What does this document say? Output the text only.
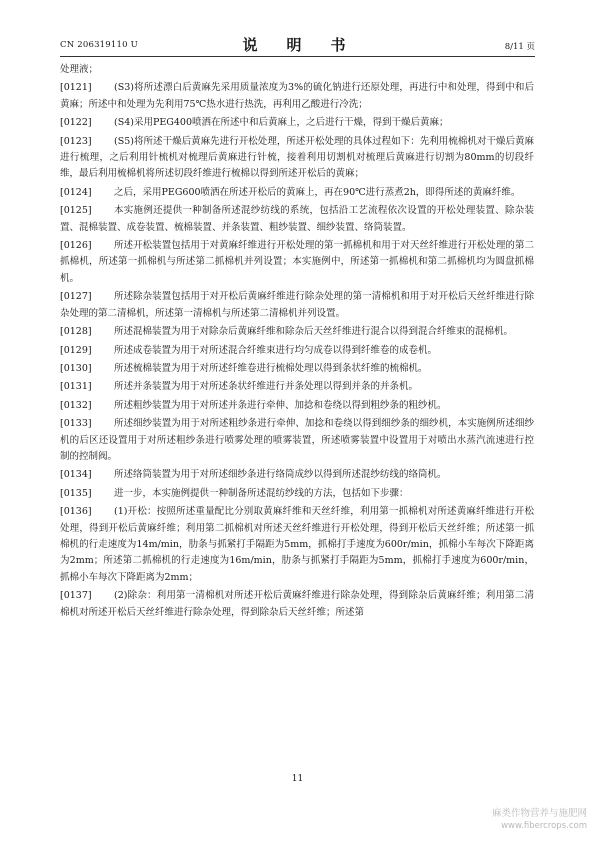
CN 206319110 U	说　明　书	8/11 页

处理液；

[0121]	(S3)将所述漂白后黄麻先采用质量浓度为3%的硫化钠进行还原处理，再进行中和处理，得到中和后黄麻；所述中和处理为先利用75℃热水进行热洗，再利用乙酸进行冷洗；
[0122]	(S4)采用PEG400喷洒在所述中和后黄麻上，之后进行干燥，得到干燥后黄麻；
[0123]	(S5)将所述干燥后黄麻先进行开松处理，所述开松处理的具体过程如下：先利用梳棉机对干燥后黄麻进行梳理，之后利用针梳机对梳理后黄麻进行针梳，接着利用切割机对梳理后黄麻进行切割为80mm的切段纤维，最后利用梳棉机将所述切段纤维进行梳棉以得到所述开松后的黄麻；
[0124]	之后，采用PEG600喷洒在所述开松后的黄麻上，再在90℃进行蒸煮2h，即得所述的黄麻纤维。
[0125]	本实施例还提供一种制备所述混纱纺线的系统，包括沿工艺流程依次设置的开松处理装置、除杂装置、混棉装置、成卷装置、梳棉装置、并条装置、粗纱装置、细纱装置、络筒装置。
[0126]	所述开松装置包括用于对黄麻纤维进行开松处理的第一抓棉机和用于对天丝纤维进行开松处理的第二抓棉机，所述第一抓棉机与所述第二抓棉机并列设置；本实施例中，所述第一抓棉机和第二抓棉机均为圆盘抓棉机。
[0127]	所述除杂装置包括用于对开松后黄麻纤维进行除杂处理的第一清棉机和用于对开松后天丝纤维进行除杂处理的第二清棉机，所述第一清棉机与所述第二清棉机并列设置。
[0128]	所述混棉装置为用于对除杂后黄麻纤维和除杂后天丝纤维进行混合以得到混合纤维束的混棉机。
[0129]	所述成卷装置为用于对所述混合纤维束进行均匀成卷以得到纤维卷的成卷机。
[0130]	所述梳棉装置为用于对所述纤维卷进行梳棉处理以得到条状纤维的梳棉机。
[0131]	所述并条装置为用于对所述条状纤维进行并条处理以得到并条的并条机。
[0132]	所述粗纱装置为用于对所述并条进行牵伸、加捻和卷绕以得到粗纱条的粗纱机。
[0133]	所述细纱装置为用于对所述粗纱条进行牵伸、加捻和卷绕以得到细纱条的细纱机，本实施例所述细纱机的后区还设置用于对所述粗纱条进行喷雾处理的喷雾装置，所述喷雾装置中设置用于对喷出水蒸汽流速进行控制的控制阀。
[0134]	所述络筒装置为用于对所述细纱条进行络筒成纱以得到所述混纱纺线的络筒机。
[0135]	进一步，本实施例提供一种制备所述混纺纱线的方法，包括如下步骤：
[0136]	(1)开松：按照所述重量配比分别取黄麻纤维和天丝纤维，利用第一抓棉机对所述黄麻纤维进行开松处理，得到开松后黄麻纤维；利用第二抓棉机对所述天丝纤维进行开松处理，得到开松后天丝纤维；所述第一抓棉机的行走速度为14m/min，肋条与抓紧打手隔距为5mm，抓棉打手速度为600r/min，抓棉小车每次下降距离为2mm；所述第二抓棉机的行走速度为16m/min，肋条与抓紧打手隔距为5mm，抓棉打手速度为600r/min，抓棉小车每次下降距离为2mm；
[0137]	(2)除杂：利用第一清棉机对所述开松后黄麻纤维进行除杂处理，得到除杂后黄麻纤维；利用第二清棉机对所述开松后天丝纤维进行除杂处理，得到除杂后天丝纤维；所述第
11
麻类作物营养与施肥网
www.fibercrops.com
